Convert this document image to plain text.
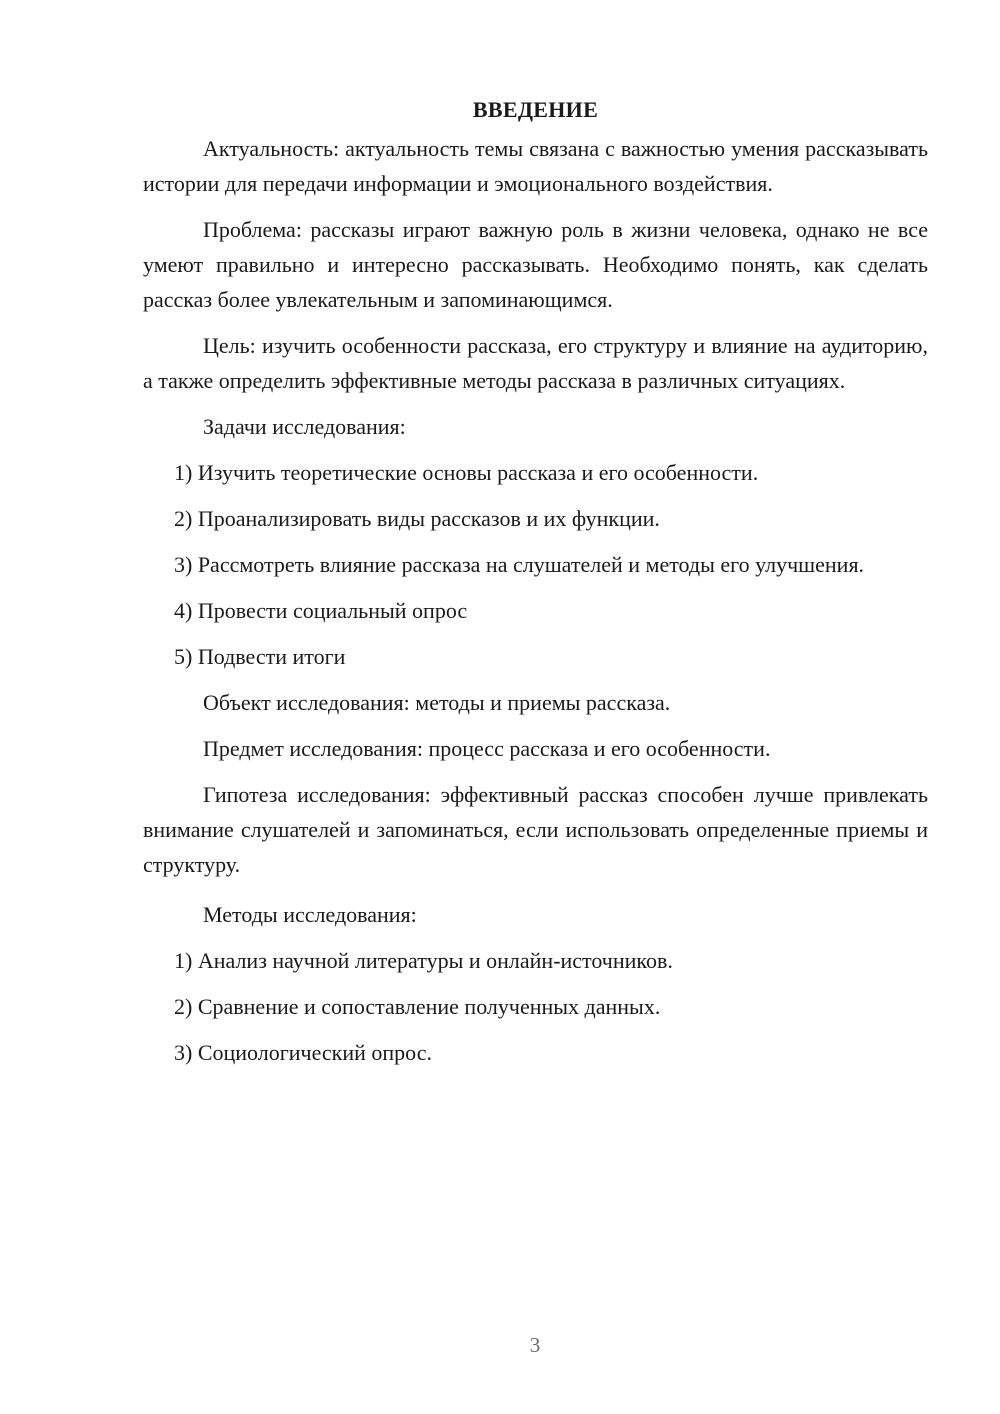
ВВЕДЕНИЕ

Актуальность: актуальность темы связана с важностью умения рассказывать истории для передачи информации и эмоционального воздействия.

Проблема: рассказы играют важную роль в жизни человека, однако не все умеют правильно и интересно рассказывать. Необходимо понять, как сделать рассказ более увлекательным и запоминающимся.

Цель: изучить особенности рассказа, его структуру и влияние на аудиторию, а также определить эффективные методы рассказа в различных ситуациях.

Задачи исследования:

1) Изучить теоретические основы рассказа и его особенности.

2) Проанализировать виды рассказов и их функции.

3) Рассмотреть влияние рассказа на слушателей и методы его улучшения.

4) Провести социальный опрос

5) Подвести итоги

Объект исследования: методы и приемы рассказа.

Предмет исследования: процесс рассказа и его особенности.

Гипотеза исследования: эффективный рассказ способен лучше привлекать внимание слушателей и запоминаться, если использовать определенные приемы и структуру.

Методы исследования:

1) Анализ научной литературы и онлайн-источников.

2) Сравнение и сопоставление полученных данных.

3) Социологический опрос.

3
